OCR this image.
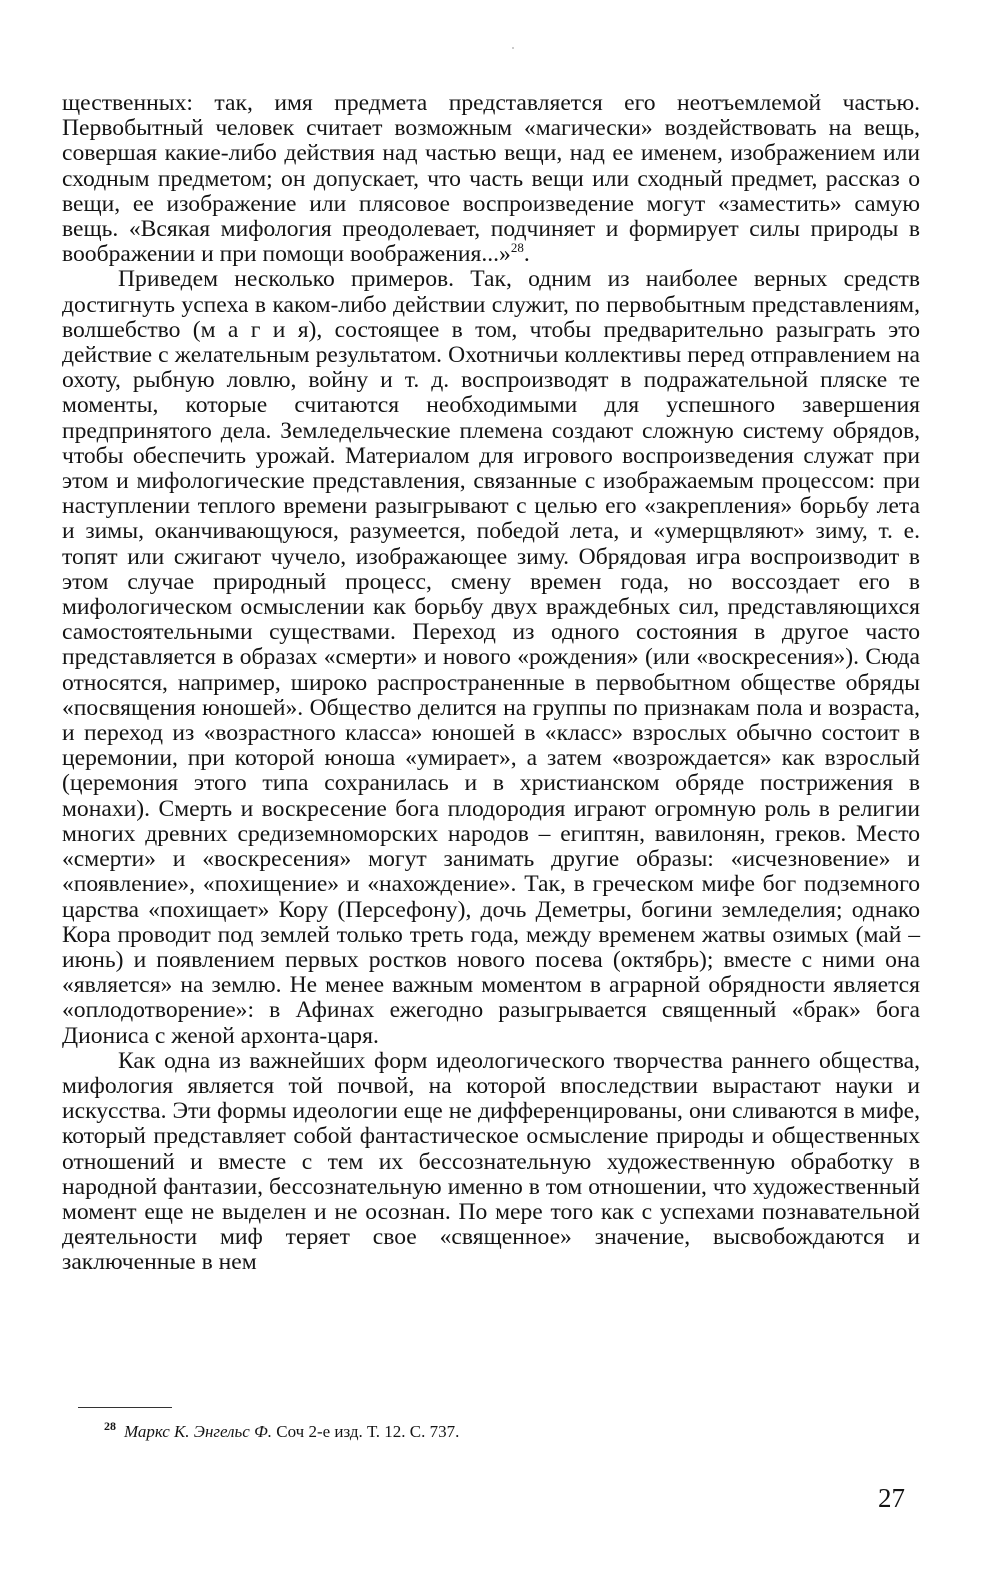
щественных: так, имя предмета представляется его неотъемлемой частью. Первобытный человек считает возможным «магически» воздействовать на вещь, совершая какие-либо действия над частью вещи, над ее именем, изображением или сходным предметом; он допускает, что часть вещи или сходный предмет, рассказ о вещи, ее изображение или плясовое воспроизведение могут «заместить» самую вещь. «Всякая мифология преодолевает, подчиняет и формирует силы природы в воображении и при помощи воображения...»$^{28}$.

Приведем несколько примеров. Так, одним из наиболее верных средств достигнуть успеха в каком-либо действии служит, по первобытным представлениям, волшебство (м а г и я), состоящее в том, чтобы предварительно разыграть это действие с желательным результатом. Охотничьи коллективы перед отправлением на охоту, рыбную ловлю, войну и т. д. воспроизводят в подражательной пляске те моменты, которые считаются необходимыми для успешного завершения предпринятого дела. Земледельческие племена создают сложную систему обрядов, чтобы обеспечить урожай. Материалом для игрового воспроизведения служат при этом и мифологические представления, связанные с изображаемым процессом: при наступлении теплого времени разыгрывают с целью его «закрепления» борьбу лета и зимы, оканчивающуюся, разумеется, победой лета, и «умерщвляют» зиму, т. е. топят или сжигают чучело, изображающее зиму. Обрядовая игра воспроизводит в этом случае природный процесс, смену времен года, но воссоздает его в мифологическом осмыслении как борьбу двух враждебных сил, представляющихся самостоятельными существами. Переход из одного состояния в другое часто представляется в образах «смерти» и нового «рождения» (или «воскресения»). Сюда относятся, например, широко распространенные в первобытном обществе обряды «посвящения юношей». Общество делится на группы по признакам пола и возраста, и переход из «возрастного класса» юношей в «класс» взрослых обычно состоит в церемонии, при которой юноша «умирает», а затем «возрождается» как взрослый (церемония этого типа сохранилась и в христианском обряде пострижения в монахи). Смерть и воскресение бога плодородия играют огромную роль в религии многих древних средиземноморских народов – египтян, вавилонян, греков. Место «смерти» и «воскресения» могут занимать другие образы: «исчезновение» и «появление», «похищение» и «нахождение». Так, в греческом мифе бог подземного царства «похищает» Кору (Персефону), дочь Деметры, богини земледелия; однако Кора проводит под землей только треть года, между временем жатвы озимых (май – июнь) и появлением первых ростков нового посева (октябрь); вместе с ними она «является» на землю. Не менее важным моментом в аграрной обрядности является «оплодотворение»: в Афинах ежегодно разыгрывается священный «брак» бога Диониса с женой архонта-царя.

Как одна из важнейших форм идеологического творчества раннего общества, мифология является той почвой, на которой впоследствии вырастают науки и искусства. Эти формы идеологии еще не дифференцированы, они сливаются в мифе, который представляет собой фантастическое осмысление природы и общественных отношений и вместе с тем их бессознательную художественную обработку в народной фантазии, бессознательную именно в том отношении, что художественный момент еще не выделен и не осознан. По мере того как с успехами познавательной деятельности миф теряет свое «священное» значение, высвобождаются и заключенные в нем

$^{28}$ Маркс К. Энгельс Ф. Соч 2-е изд. Т. 12. С. 737.
27
